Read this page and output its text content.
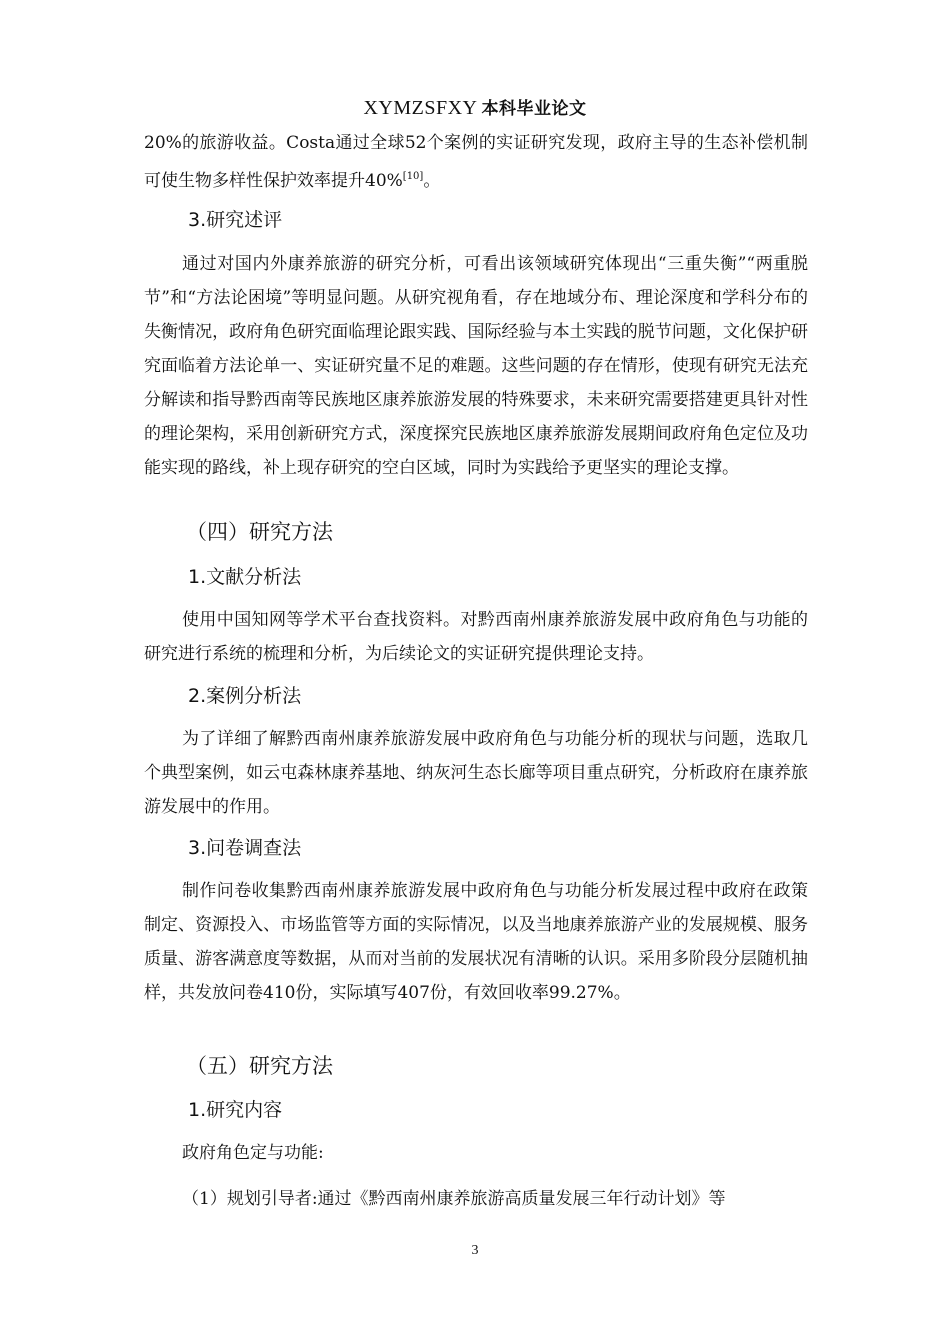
XYMZSFXY 本科毕业论文
20%的旅游收益。Costa通过全球52个案例的实证研究发现，政府主导的生态补偿机制可使生物多样性保护效率提升40%[10]。
3.研究述评
通过对国内外康养旅游的研究分析，可看出该领域研究体现出“三重失衡”“两重脱节”和“方法论困境”等明显问题。从研究视角看，存在地域分布、理论深度和学科分布的失衡情况，政府角色研究面临理论跟实践、国际经验与本土实践的脱节问题，文化保护研究面临着方法论单一、实证研究量不足的难题。这些问题的存在情形，使现有研究无法充分解读和指导黔西南等民族地区康养旅游发展的特殊要求，未来研究需要搭建更具针对性的理论架构，采用创新研究方式，深度探究民族地区康养旅游发展期间政府角色定位及功能实现的路线，补上现存研究的空白区域，同时为实践给予更坚实的理论支撑。
（四）研究方法
1.文献分析法
使用中国知网等学术平台查找资料。对黔西南州康养旅游发展中政府角色与功能的研究进行系统的梳理和分析，为后续论文的实证研究提供理论支持。
2.案例分析法
为了详细了解黔西南州康养旅游发展中政府角色与功能分析的现状与问题，选取几个典型案例，如云屯森林康养基地、纳灰河生态长廊等项目重点研究，分析政府在康养旅游发展中的作用。
3.问卷调查法
制作问卷收集黔西南州康养旅游发展中政府角色与功能分析发展过程中政府在政策制定、资源投入、市场监管等方面的实际情况，以及当地康养旅游产业的发展规模、服务质量、游客满意度等数据，从而对当前的发展状况有清晰的认识。采用多阶段分层随机抽样，共发放问卷410份，实际填写407份，有效回收率99.27%。
（五）研究方法
1.研究内容
政府角色定与功能:
（1）规划引导者:通过《黔西南州康养旅游高质量发展三年行动计划》等
3
